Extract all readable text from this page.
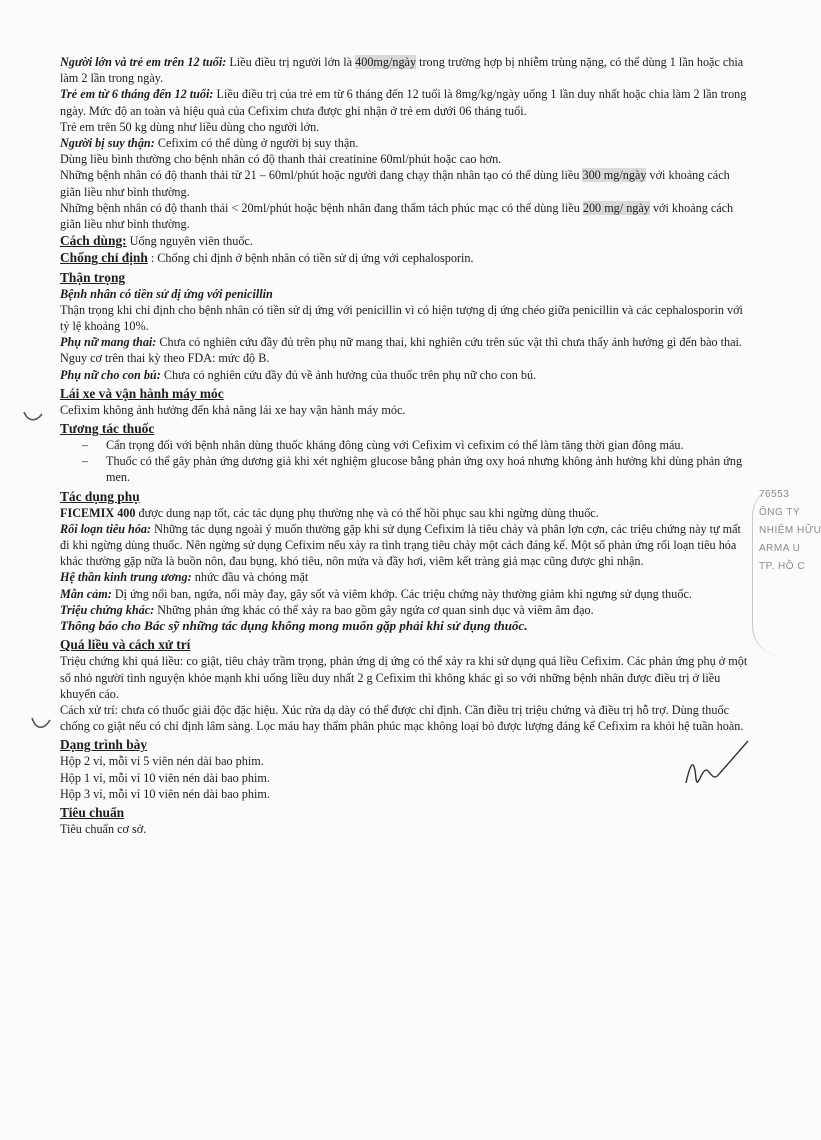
Người lớn và trẻ em trên 12 tuổi: Liều điều trị người lớn là 400mg/ngày trong trường hợp bị nhiễm trùng nặng, có thể dùng 1 lần hoặc chia làm 2 lần trong ngày.

Trẻ em từ 6 tháng đến 12 tuổi: Liều điều trị của trẻ em từ 6 tháng đến 12 tuổi là 8mg/kg/ngày uống 1 lần duy nhất hoặc chia làm 2 lần trong ngày. Mức độ an toàn và hiệu quả của Cefixim chưa được ghi nhận ở trẻ em dưới 06 tháng tuổi.

Trẻ em trên 50 kg dùng như liều dùng cho người lớn.

Người bị suy thận: Cefixim có thể dùng ở người bị suy thận.

Dùng liều bình thường cho bệnh nhân có độ thanh thải creatinine 60ml/phút hoặc cao hơn.

Những bệnh nhân có độ thanh thải từ 21 – 60ml/phút hoặc người đang chạy thận nhân tạo có thể dùng liều 300 mg/ngày với khoảng cách giãn liều như bình thường.

Những bệnh nhân có độ thanh thải < 20ml/phút hoặc bệnh nhân đang thẩm tách phúc mạc có thể dùng liều 200 mg/ ngày với khoảng cách giãn liều như bình thường.

Cách dùng: Uống nguyên viên thuốc.

Chống chỉ định : Chống chỉ định ở bệnh nhân có tiền sử dị ứng với cephalosporin.

Thận trọng

Bệnh nhân có tiền sử dị ứng với penicillin

Thận trọng khi chỉ định cho bệnh nhân có tiền sử dị ứng với penicillin vì có hiện tượng dị ứng chéo giữa penicillin và các cephalosporin với tỷ lệ khoảng 10%.

Phụ nữ mang thai: Chưa có nghiên cứu đầy đủ trên phụ nữ mang thai, khi nghiên cứu trên súc vật thì chưa thấy ảnh hưởng gì đến bào thai. Nguy cơ trên thai kỳ theo FDA: mức độ B.

Phụ nữ cho con bú: Chưa có nghiên cứu đầy đủ về ảnh hưởng của thuốc trên phụ nữ cho con bú.

Lái xe và vận hành máy móc

Cefixim không ảnh hưởng đến khả năng lái xe hay vận hành máy móc.

Tương tác thuốc

–	Cẩn trọng đối với bệnh nhân dùng thuốc kháng đông cùng với Cefixim vì cefixim có thể làm tăng thời gian đông máu.
–	Thuốc có thể gây phản ứng dương giả khi xét nghiệm glucose bằng phản ứng oxy hoá nhưng không ảnh hưởng khi dùng phản ứng men.

Tác dụng phụ

FICEMIX 400 được dung nạp tốt, các tác dụng phụ thường nhẹ và có thể hồi phục sau khi ngừng dùng thuốc.

Rối loạn tiêu hóa: Những tác dụng ngoài ý muốn thường gặp khi sử dụng Cefixim là tiêu chảy và phân lợn cợn, các triệu chứng này tự mất đi khi ngừng dùng thuốc. Nên ngừng sử dụng Cefixim nếu xảy ra tình trạng tiêu chảy một cách đáng kể. Một số phản ứng rối loạn tiêu hóa khác thường gặp nữa là buồn nôn, đau bụng, khó tiêu, nôn mửa và đầy hơi, viêm kết tràng giả mạc cũng được ghi nhận.

Hệ thần kinh trung ương: nhức đầu và chóng mặt

Mẫn cảm: Dị ứng nổi ban, ngứa, nổi mày đay, gây sốt và viêm khớp. Các triệu chứng này thường giảm khi ngưng sử dụng thuốc.

Triệu chứng khác: Những phản ứng khác có thể xảy ra bao gồm gây ngứa cơ quan sinh dục và viêm âm đạo.

Thông báo cho Bác sỹ những tác dụng không mong muốn gặp phải khi sử dụng thuốc.

Quá liều và cách xử trí

Triệu chứng khi quá liều: co giật, tiêu chảy trầm trọng, phản ứng dị ứng có thể xảy ra khi sử dụng quá liều Cefixim. Các phản ứng phụ ở một số nhỏ người tình nguyện khỏe mạnh khi uống liều duy nhất 2 g Cefixim thì không khác gì so với những bệnh nhân được điều trị ở liều khuyến cáo.

Cách xử trí: chưa có thuốc giải độc đặc hiệu. Xúc rửa dạ dày có thể được chỉ định. Cần điều trị triệu chứng và điều trị hỗ trợ. Dùng thuốc chống co giật nếu có chỉ định lâm sàng. Lọc máu hay thẩm phân phúc mạc không loại bỏ được lượng đáng kể Cefixim ra khỏi hệ tuần hoàn.

Dạng trình bày

Hộp 2 vỉ, mỗi vỉ 5 viên nén dài bao phim.

Hộp 1 vỉ, mỗi vỉ 10 viên nén dài bao phim.

Hộp 3 vỉ, mỗi vỉ 10 viên nén dài bao phim.

Tiêu chuẩn

Tiêu chuẩn cơ sở.

76553
ÔNG TY
NHIỆM HỮU
ARMA U
TP. HỒ C
